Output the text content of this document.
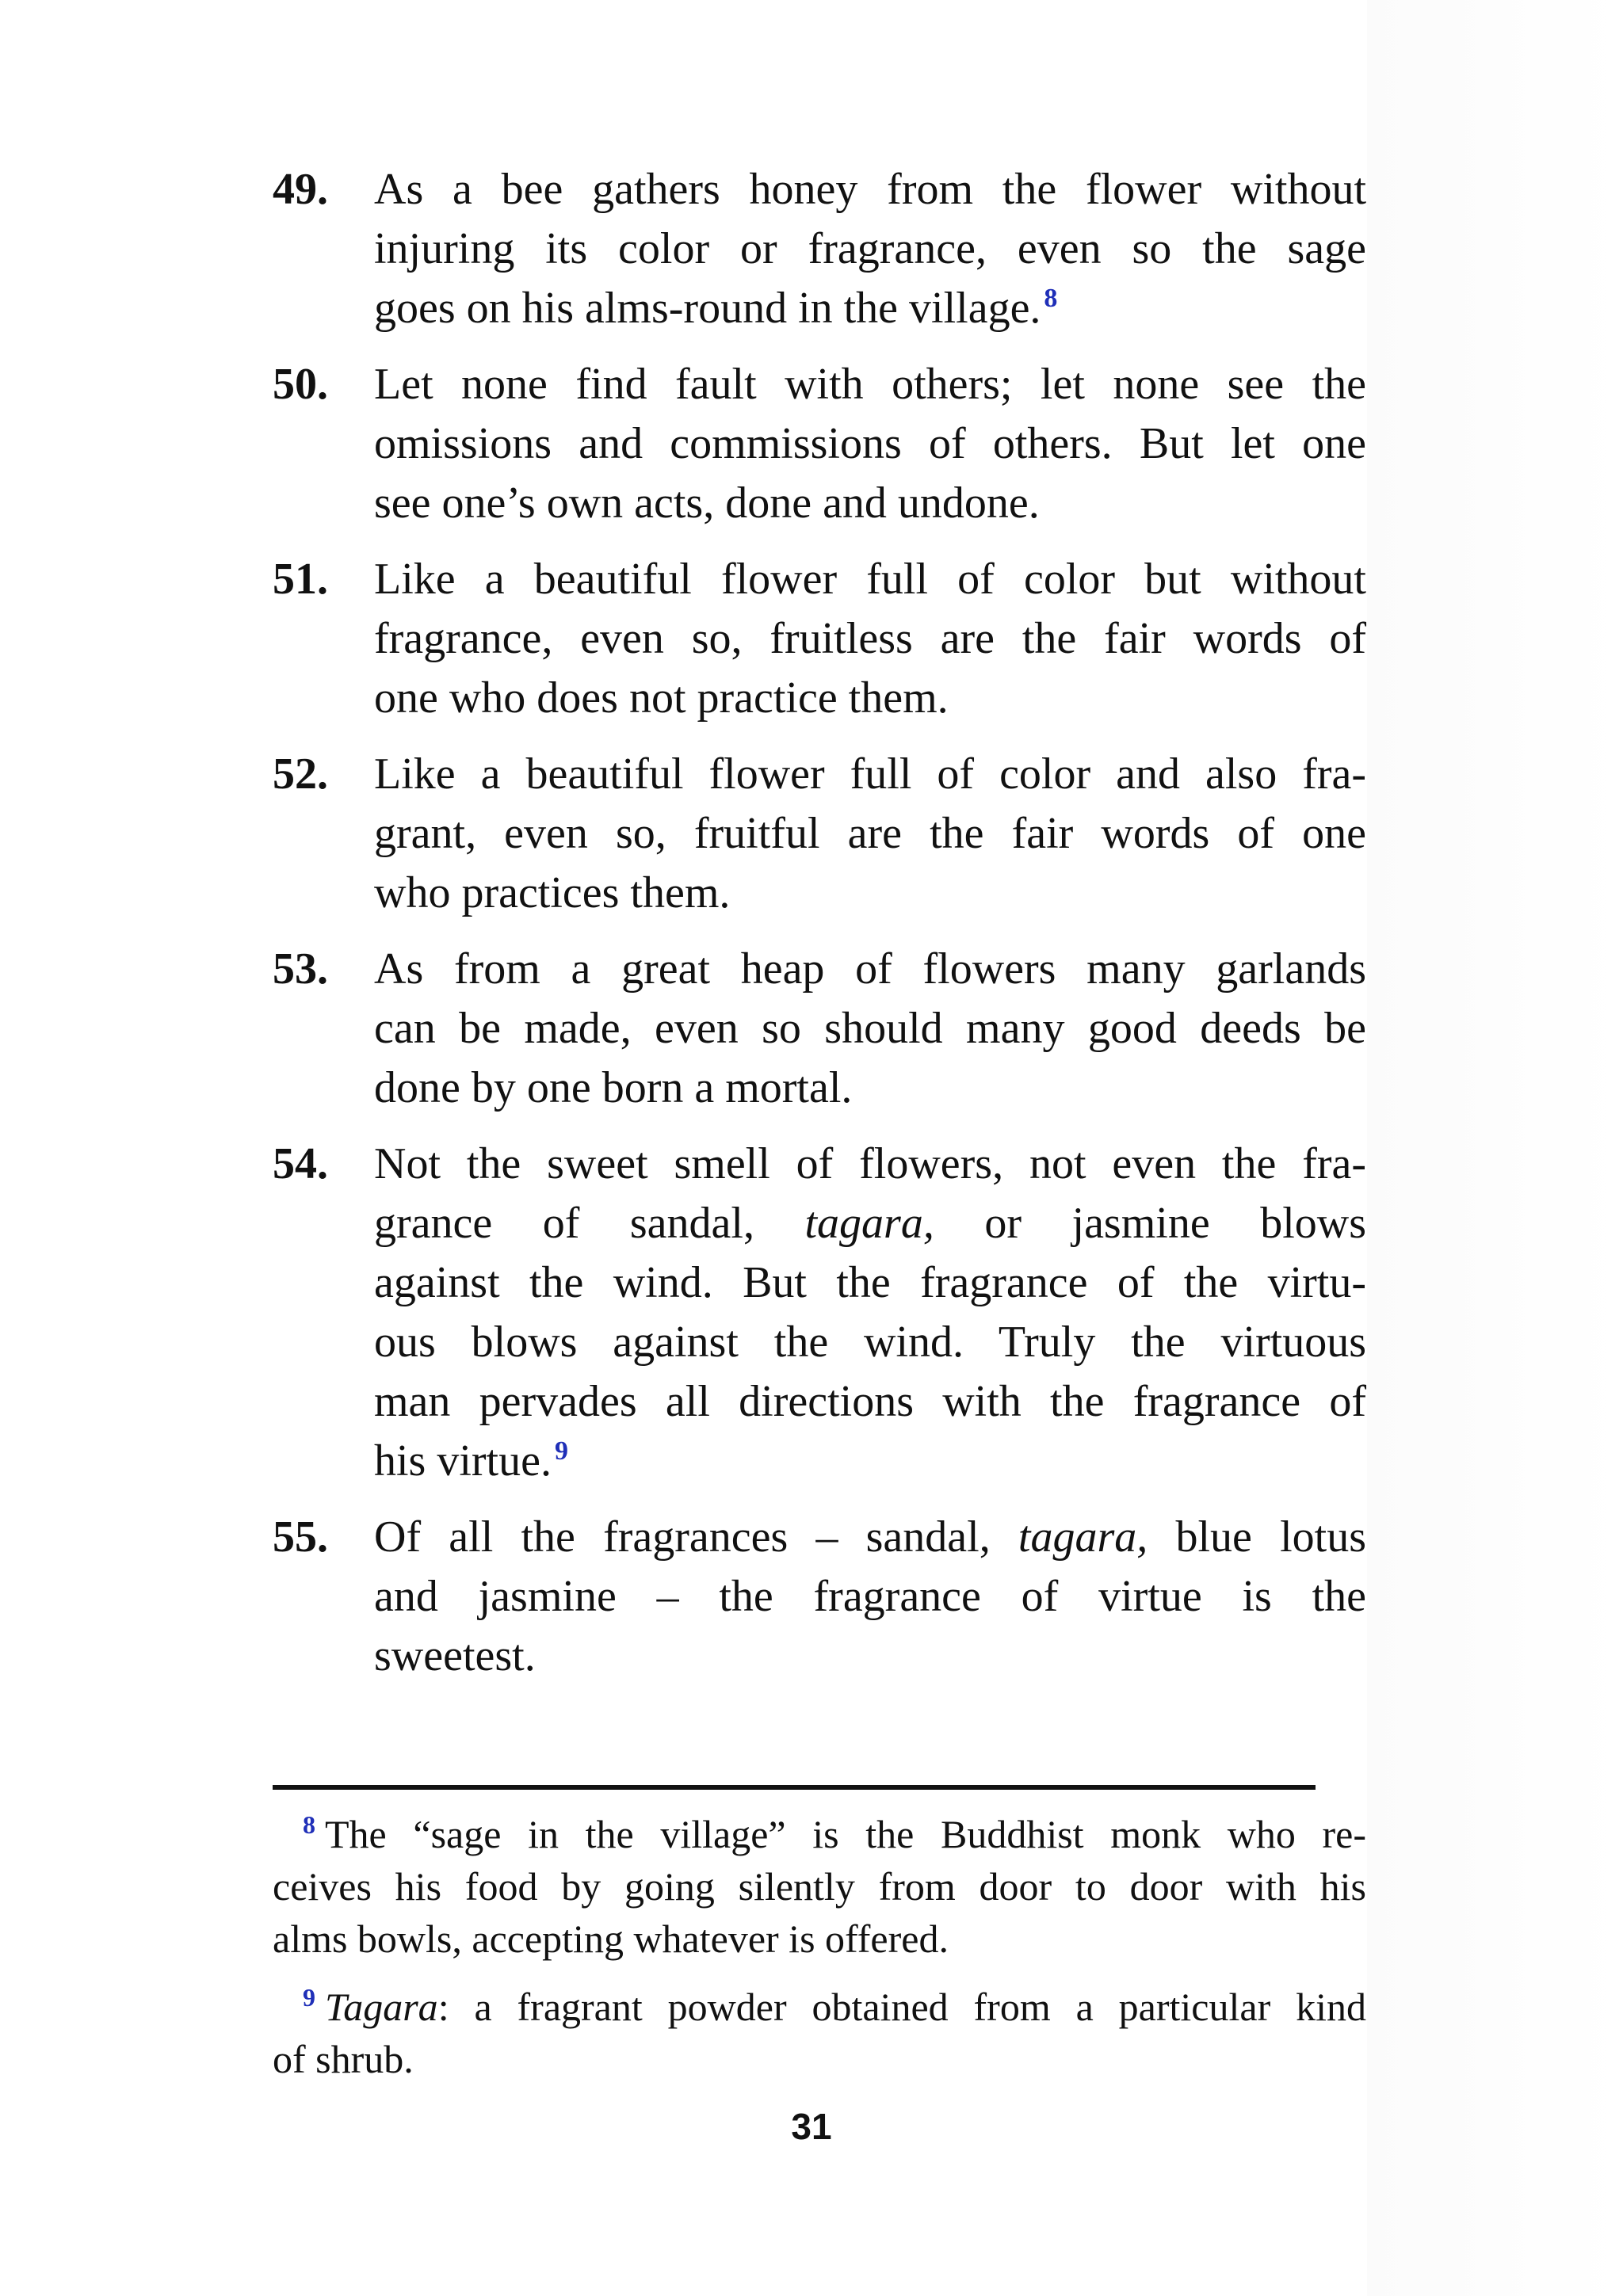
49.	As a bee gathers honey from the flower without
injuring its color or fragrance, even so the sage
goes on his alms-round in the village. $^8$
50.	Let none find fault with others; let none see the
omissions and commissions of others. But let one
see one’s own acts, done and undone.
51.	Like a beautiful flower full of color but without
fragrance, even so, fruitless are the fair words of
one who does not practice them.
52.	Like a beautiful flower full of color and also fra-
grant, even so, fruitful are the fair words of one
who practices them.
53.	As from a great heap of flowers many garlands
can be made, even so should many good deeds be
done by one born a mortal.
54.	Not the sweet smell of flowers, not even the fra-
grance of sandal, tagara, or jasmine blows
against the wind. But the fragrance of the virtu-
ous blows against the wind. Truly the virtuous
man pervades all directions with the fragrance of
his virtue. $^9$
55.	Of all the fragrances – sandal, tagara, blue lotus
and jasmine – the fragrance of virtue is the
sweetest.
$^8$ The “sage in the village” is the Buddhist monk who re-
ceives his food by going silently from door to door with his
alms bowls, accepting whatever is offered.
$^9$ Tagara: a fragrant powder obtained from a particular kind
of shrub.
31
